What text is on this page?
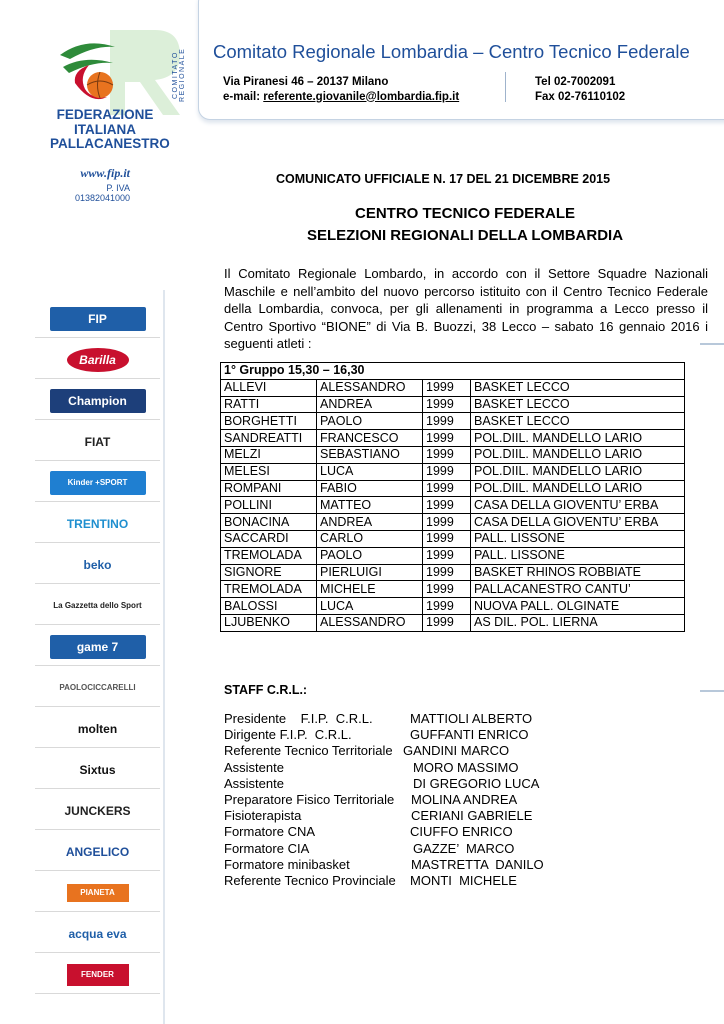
COMITATO REGIONALE
FEDERAZIONE
ITALIANA
PALLACANESTRO
www.fip.it
P. IVA 01382041000
FIP
Barilla
Champion
FIAT
Kinder +SPORT
TRENTINO
beko
La Gazzetta dello Sport
game 7
PAOLOCICCARELLI
molten
Sixtus
JUNCKERS
ANGELICO
PIANETA
acqua eva
FENDER
Comitato Regionale Lombardia – Centro Tecnico Federale
Via Piranesi 46 – 20137 Milano
e-mail: referente.giovanile@lombardia.fip.it
Tel 02-7002091
Fax 02-76110102
COMUNICATO UFFICIALE N. 17 DEL 21 DICEMBRE 2015
CENTRO TECNICO FEDERALE
SELEZIONI REGIONALI DELLA LOMBARDIA
Il Comitato Regionale Lombardo, in accordo con il Settore Squadre Nazionali Maschile e nell’ambito del nuovo percorso istituito con il Centro Tecnico Federale della Lombardia, convoca, per gli allenamenti in programma a Lecco presso il Centro Sportivo “BIONE” di Via B. Buozzi, 38 Lecco – sabato 16 gennaio 2016 i seguenti atleti :
1° Gruppo 15,30 – 16,30			
ALLEVI	ALESSANDRO	1999	BASKET LECCO
RATTI	ANDREA	1999	BASKET LECCO
BORGHETTI	PAOLO	1999	BASKET LECCO
SANDREATTI	FRANCESCO	1999	POL.DIIL. MANDELLO LARIO
MELZI	SEBASTIANO	1999	POL.DIIL. MANDELLO LARIO
MELESI	LUCA	1999	POL.DIIL. MANDELLO LARIO
ROMPANI	FABIO	1999	POL.DIIL. MANDELLO LARIO
POLLINI	MATTEO	1999	CASA DELLA GIOVENTU’ ERBA
BONACINA	ANDREA	1999	CASA DELLA GIOVENTU’ ERBA
SACCARDI	CARLO	1999	PALL. LISSONE
TREMOLADA	PAOLO	1999	PALL. LISSONE
SIGNORE	PIERLUIGI	1999	BASKET RHINOS ROBBIATE
TREMOLADA	MICHELE	1999	PALLACANESTRO CANTU’
BALOSSI	LUCA	1999	NUOVA PALL. OLGINATE
LJUBENKO	ALESSANDRO	1999	AS DIL. POL. LIERNA
STAFF C.R.L.:
Presidente    F.I.P.  C.R.L.	MATTIOLI ALBERTO
Dirigente F.I.P.  C.R.L.	GUFFANTI ENRICO
Referente Tecnico Territoriale GANDINI MARCO
Assistente	MORO MASSIMO
Assistente	DI GREGORIO LUCA
Preparatore Fisico Territoriale MOLINA ANDREA
Fisioterapista	CERIANI GABRIELE
Formatore CNA	CIUFFO ENRICO
Formatore CIA	GAZZE’  MARCO
Formatore minibasket	MASTRETTA  DANILO
Referente Tecnico Provinciale MONTI  MICHELE
